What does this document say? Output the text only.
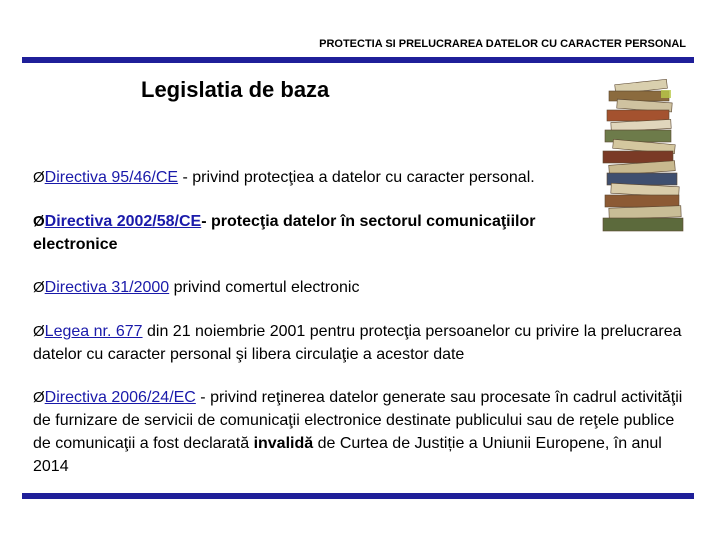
PROTECTIA SI PRELUCRAREA DATELOR CU CARACTER PERSONAL
Legislatia de baza
ØDirectiva 95/46/CE - privind protecţiea a datelor cu caracter personal.
ØDirectiva 2002/58/CE- protecţia datelor în sectorul comunicaţiilor electronice
ØDirectiva 31/2000 privind comertul electronic
ØLegea nr. 677 din 21 noiembrie 2001 pentru protecţia persoanelor cu privire la prelucrarea datelor cu caracter personal şi libera circulaţie a acestor date
ØDirectiva 2006/24/EC - privind reţinerea datelor generate sau procesate în cadrul activităţii de furnizare de servicii de comunicaţii electronice destinate publicului sau de reţele publice de comunicaţii a fost declarată invalidă de Curtea de Justiție a Uniunii Europene, în anul 2014
